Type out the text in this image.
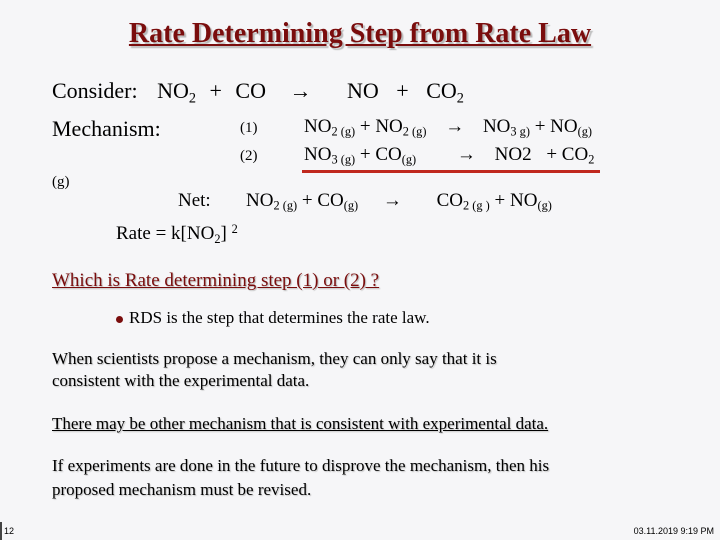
Rate Determining Step from Rate Law
Consider: $NO_2$ + CO → NO + $CO_2$
Mechanism:	(1) $NO_{2 (g)} + NO_{2 (g)} \to NO_{3 g)} + NO_{(g)}$
(2) $NO_{3 (g)} + CO_{(g)} \to NO2 + CO_2$
(g)
Net: $NO_{2 (g)} + CO_{(g)} \to CO_{2 (g )} + NO_{(g)}$
Rate = $k[NO_2]$ $^2$
Which is Rate determining step (1) or (2) ?
RDS is the step that determines the rate law.
When scientists propose a mechanism, they can only say that it is
consistent with the experimental data.
There may be other mechanism that is consistent with experimental data.
If experiments are done in the future to disprove the mechanism, then his
proposed mechanism must be revised.
12	03.11.2019 9:19 PM
